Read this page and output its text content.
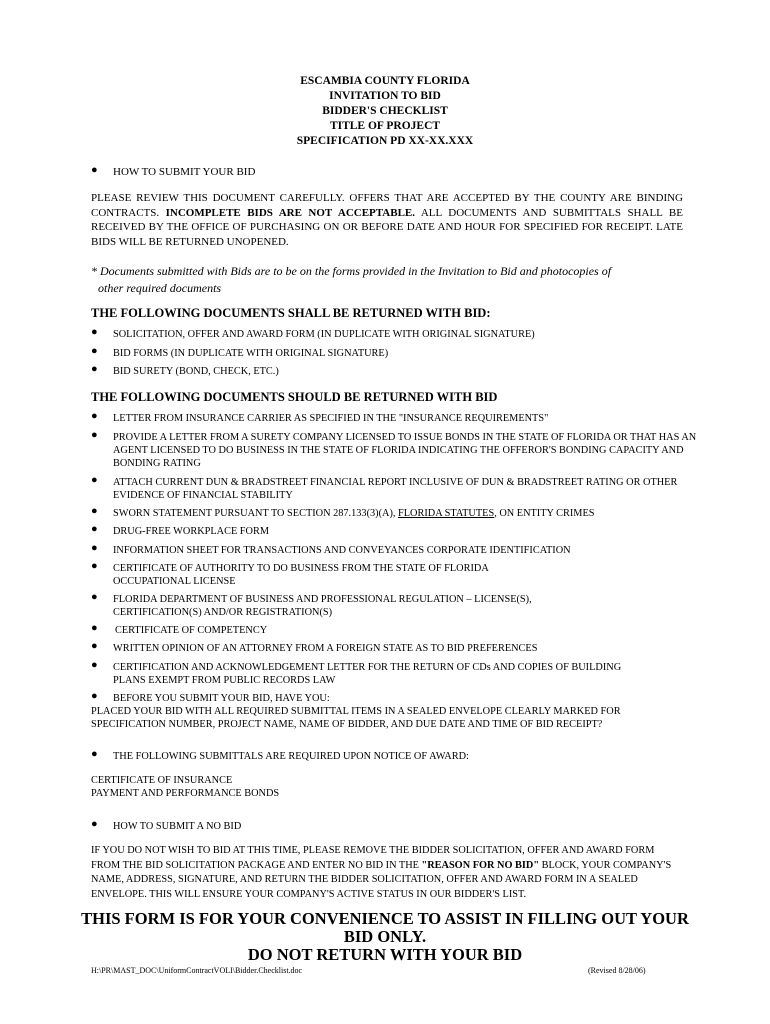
ESCAMBIA COUNTY FLORIDA
INVITATION TO BID
BIDDER'S CHECKLIST
TITLE OF PROJECT
SPECIFICATION PD XX-XX.XXX
● HOW TO SUBMIT YOUR BID
PLEASE REVIEW THIS DOCUMENT CAREFULLY. OFFERS THAT ARE ACCEPTED BY THE COUNTY ARE BINDING CONTRACTS. INCOMPLETE BIDS ARE NOT ACCEPTABLE. ALL DOCUMENTS AND SUBMITTALS SHALL BE RECEIVED BY THE OFFICE OF PURCHASING ON OR BEFORE DATE AND HOUR FOR SPECIFIED FOR RECEIPT. LATE BIDS WILL BE RETURNED UNOPENED.
* Documents submitted with Bids are to be on the forms provided in the Invitation to Bid and photocopies of
other required documents
THE FOLLOWING DOCUMENTS SHALL BE RETURNED WITH BID:
● SOLICITATION, OFFER AND AWARD FORM (IN DUPLICATE WITH ORIGINAL SIGNATURE)
● BID FORMS (IN DUPLICATE WITH ORIGINAL SIGNATURE)
● BID SURETY (BOND, CHECK, ETC.)
THE FOLLOWING DOCUMENTS SHOULD BE RETURNED WITH BID
● LETTER FROM INSURANCE CARRIER AS SPECIFIED IN THE "INSURANCE REQUIREMENTS"
● PROVIDE A LETTER FROM A SURETY COMPANY LICENSED TO ISSUE BONDS IN THE STATE OF FLORIDA OR THAT HAS AN AGENT LICENSED TO DO BUSINESS IN THE STATE OF FLORIDA INDICATING THE OFFEROR'S BONDING CAPACITY AND BONDING RATING
● ATTACH CURRENT DUN & BRADSTREET FINANCIAL REPORT INCLUSIVE OF DUN & BRADSTREET RATING OR OTHER EVIDENCE OF FINANCIAL STABILITY
● SWORN STATEMENT PURSUANT TO SECTION 287.133(3)(A), FLORIDA STATUTES, ON ENTITY CRIMES
● DRUG-FREE WORKPLACE FORM
● INFORMATION SHEET FOR TRANSACTIONS AND CONVEYANCES CORPORATE IDENTIFICATION
● CERTIFICATE OF AUTHORITY TO DO BUSINESS FROM THE STATE OF FLORIDA OCCUPATIONAL LICENSE
● FLORIDA DEPARTMENT OF BUSINESS AND PROFESSIONAL REGULATION – LICENSE(S), CERTIFICATION(S) AND/OR REGISTRATION(S)
● CERTIFICATE OF COMPETENCY
● WRITTEN OPINION OF AN ATTORNEY FROM A FOREIGN STATE AS TO BID PREFERENCES
● CERTIFICATION AND ACKNOWLEDGEMENT LETTER FOR THE RETURN OF CDs AND COPIES OF BUILDING PLANS EXEMPT FROM PUBLIC RECORDS LAW
● BEFORE YOU SUBMIT YOUR BID, HAVE YOU:
PLACED YOUR BID WITH ALL REQUIRED SUBMITTAL ITEMS IN A SEALED ENVELOPE CLEARLY MARKED FOR SPECIFICATION NUMBER, PROJECT NAME, NAME OF BIDDER, AND DUE DATE AND TIME OF BID RECEIPT?
● THE FOLLOWING SUBMITTALS ARE REQUIRED UPON NOTICE OF AWARD:
CERTIFICATE OF INSURANCE
PAYMENT AND PERFORMANCE BONDS
● HOW TO SUBMIT A NO BID
IF YOU DO NOT WISH TO BID AT THIS TIME, PLEASE REMOVE THE BIDDER SOLICITATION, OFFER AND AWARD FORM FROM THE BID SOLICITATION PACKAGE AND ENTER NO BID IN THE "REASON FOR NO BID" BLOCK, YOUR COMPANY'S NAME, ADDRESS, SIGNATURE, AND RETURN THE BIDDER SOLICITATION, OFFER AND AWARD FORM IN A SEALED ENVELOPE. THIS WILL ENSURE YOUR COMPANY'S ACTIVE STATUS IN OUR BIDDER'S LIST.
THIS FORM IS FOR YOUR CONVENIENCE TO ASSIST IN FILLING OUT YOUR
BID ONLY.
DO NOT RETURN WITH YOUR BID
H:\PR\MAST_DOC\UniformContractVOLI\Bidder.Checklist.doc	(Revised 8/28/06)
